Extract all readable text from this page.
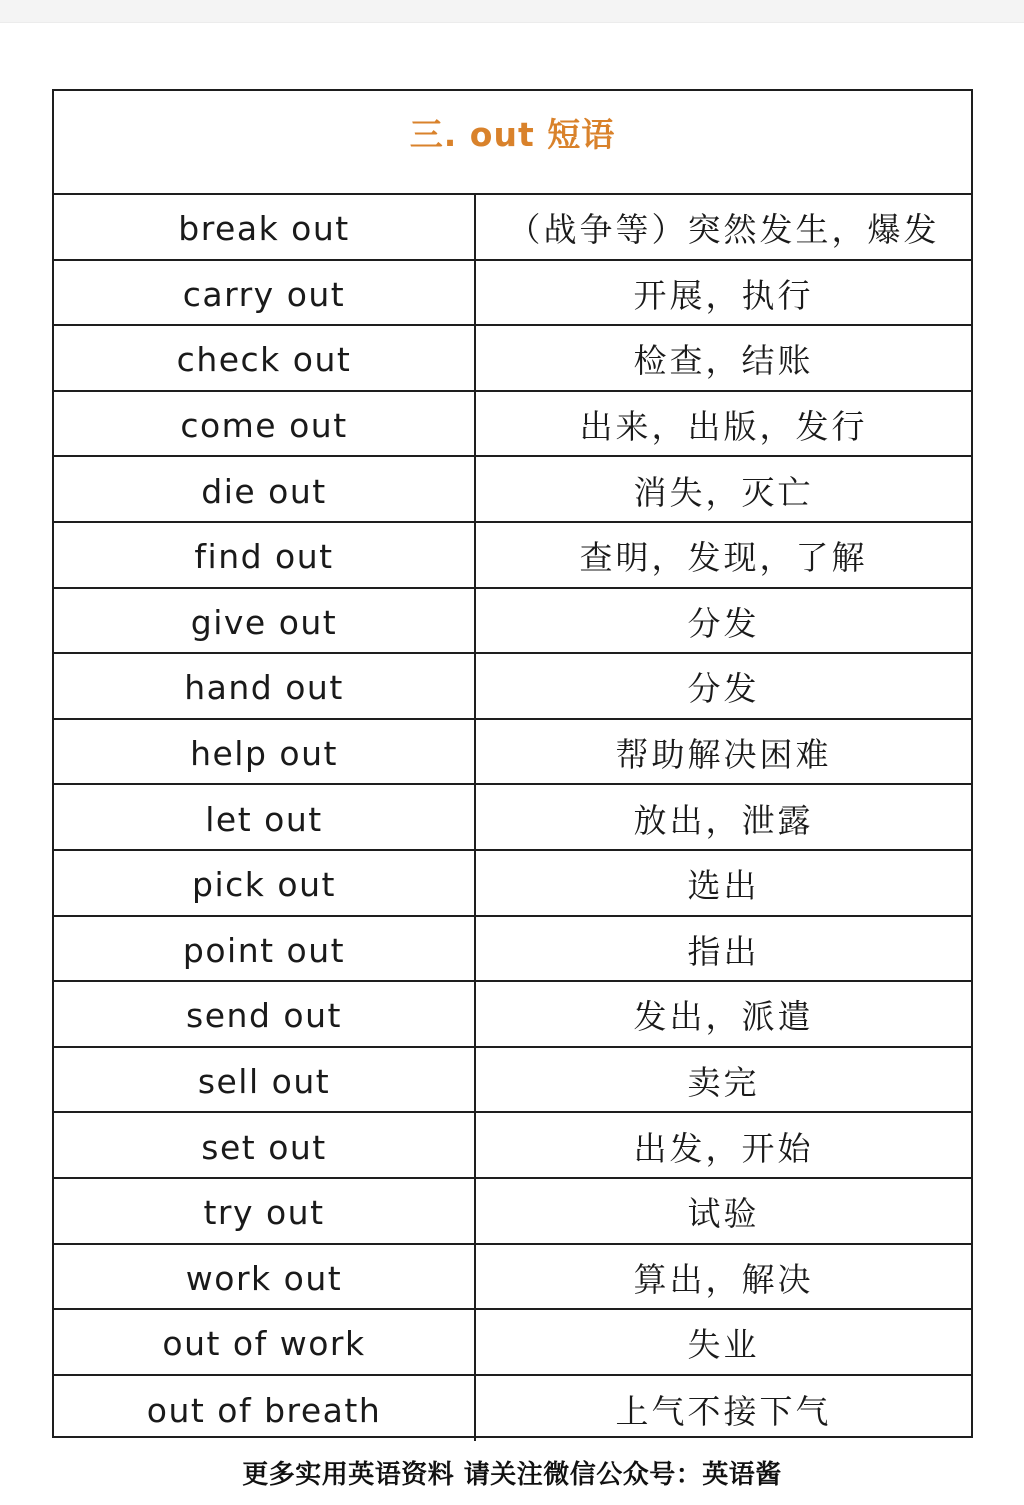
三. out 短语
break out	（战争等）突然发生，爆发
carry out	开展，执行
check out	检查，结账
come out	出来，出版，发行
die out	消失，灭亡
find out	查明，发现，了解
give out	分发
hand out	分发
help out	帮助解决困难
let out	放出，泄露
pick out	选出
point out	指出
send out	发出，派遣
sell out	卖完
set out	出发，开始
try out	试验
work out	算出，解决
out of work	失业
out of breath	上气不接下气
更多实用英语资料 请关注微信公众号：英语酱
